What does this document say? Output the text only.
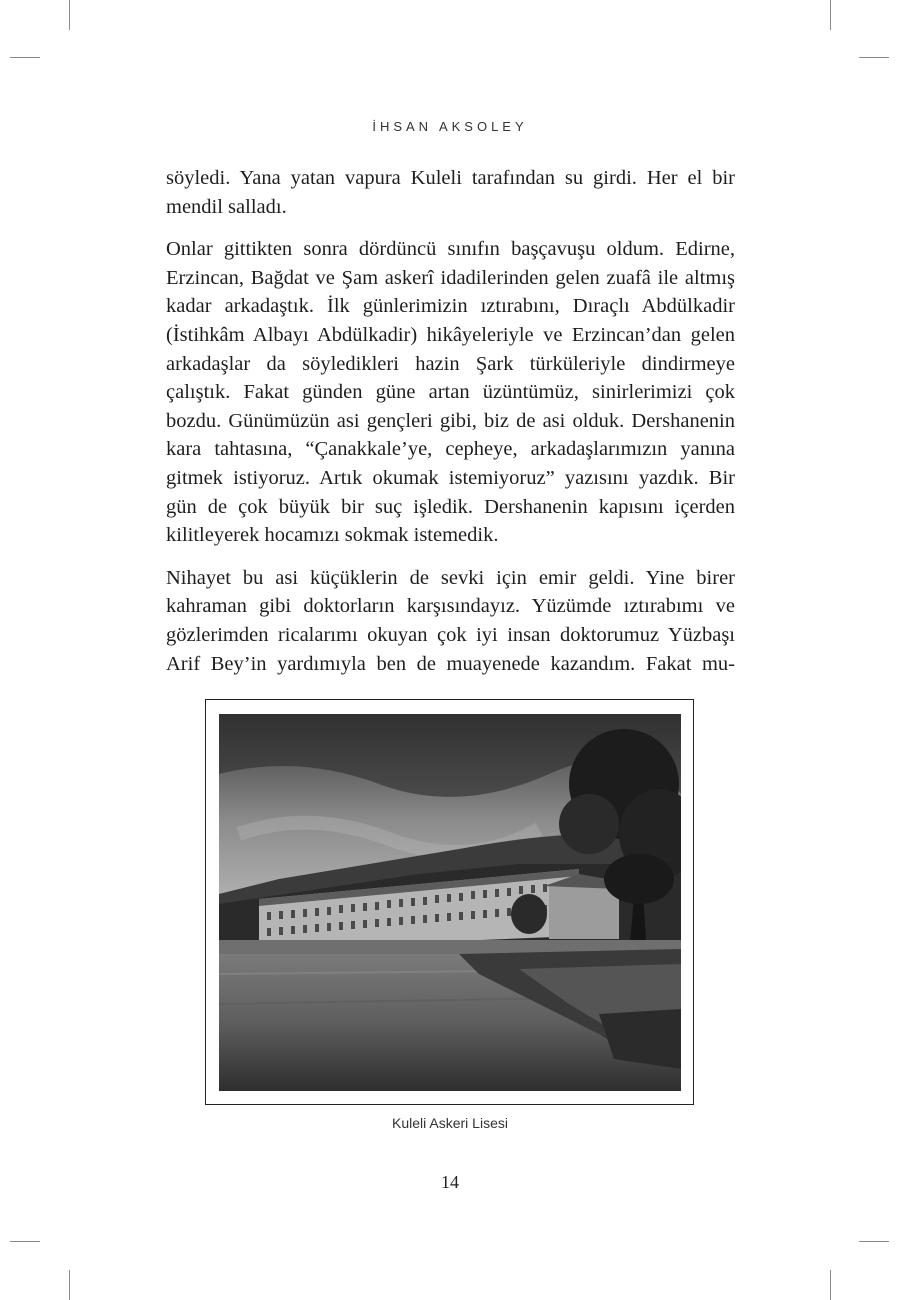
İHSAN AKSOLEY

söyledi. Yana yatan vapura Kuleli tarafından su girdi. Her el bir mendil salladı.

Onlar gittikten sonra dördüncü sınıfın başçavuşu oldum. Edirne, Erzincan, Bağdat ve Şam askerî idadilerinden gelen zuafâ ile altmış kadar arkadaştık. İlk günlerimizin ıztırabını, Dıraçlı Abdülkadir (İstihkâm Albayı Abdülkadir) hikâyeleriyle ve Erzincan’dan gelen arkadaşlar da söyledikleri hazin Şark türküleriyle dindirmeye çalıştık. Fakat günden güne artan üzüntümüz, sinirlerimizi çok bozdu. Günümüzün asi gençleri gibi, biz de asi olduk. Dershanenin kara tahtasına, “Çanakkale’ye, cepheye, arkadaşlarımızın yanına gitmek istiyoruz. Artık okumak istemiyoruz” yazısını yazdık. Bir gün de çok büyük bir suç işledik. Dershanenin kapısını içerden kilitleyerek hocamızı sokmak istemedik.

Nihayet bu asi küçüklerin de sevki için emir geldi. Yine birer kahraman gibi doktorların karşısındayız. Yüzümde ıztırabımı ve gözlerimden ricalarımı okuyan çok iyi insan doktorumuz Yüzbaşı Arif Bey’in yardımıyla ben de muayenede kazandım. Fakat mu-

Kuleli Askeri Lisesi
14
